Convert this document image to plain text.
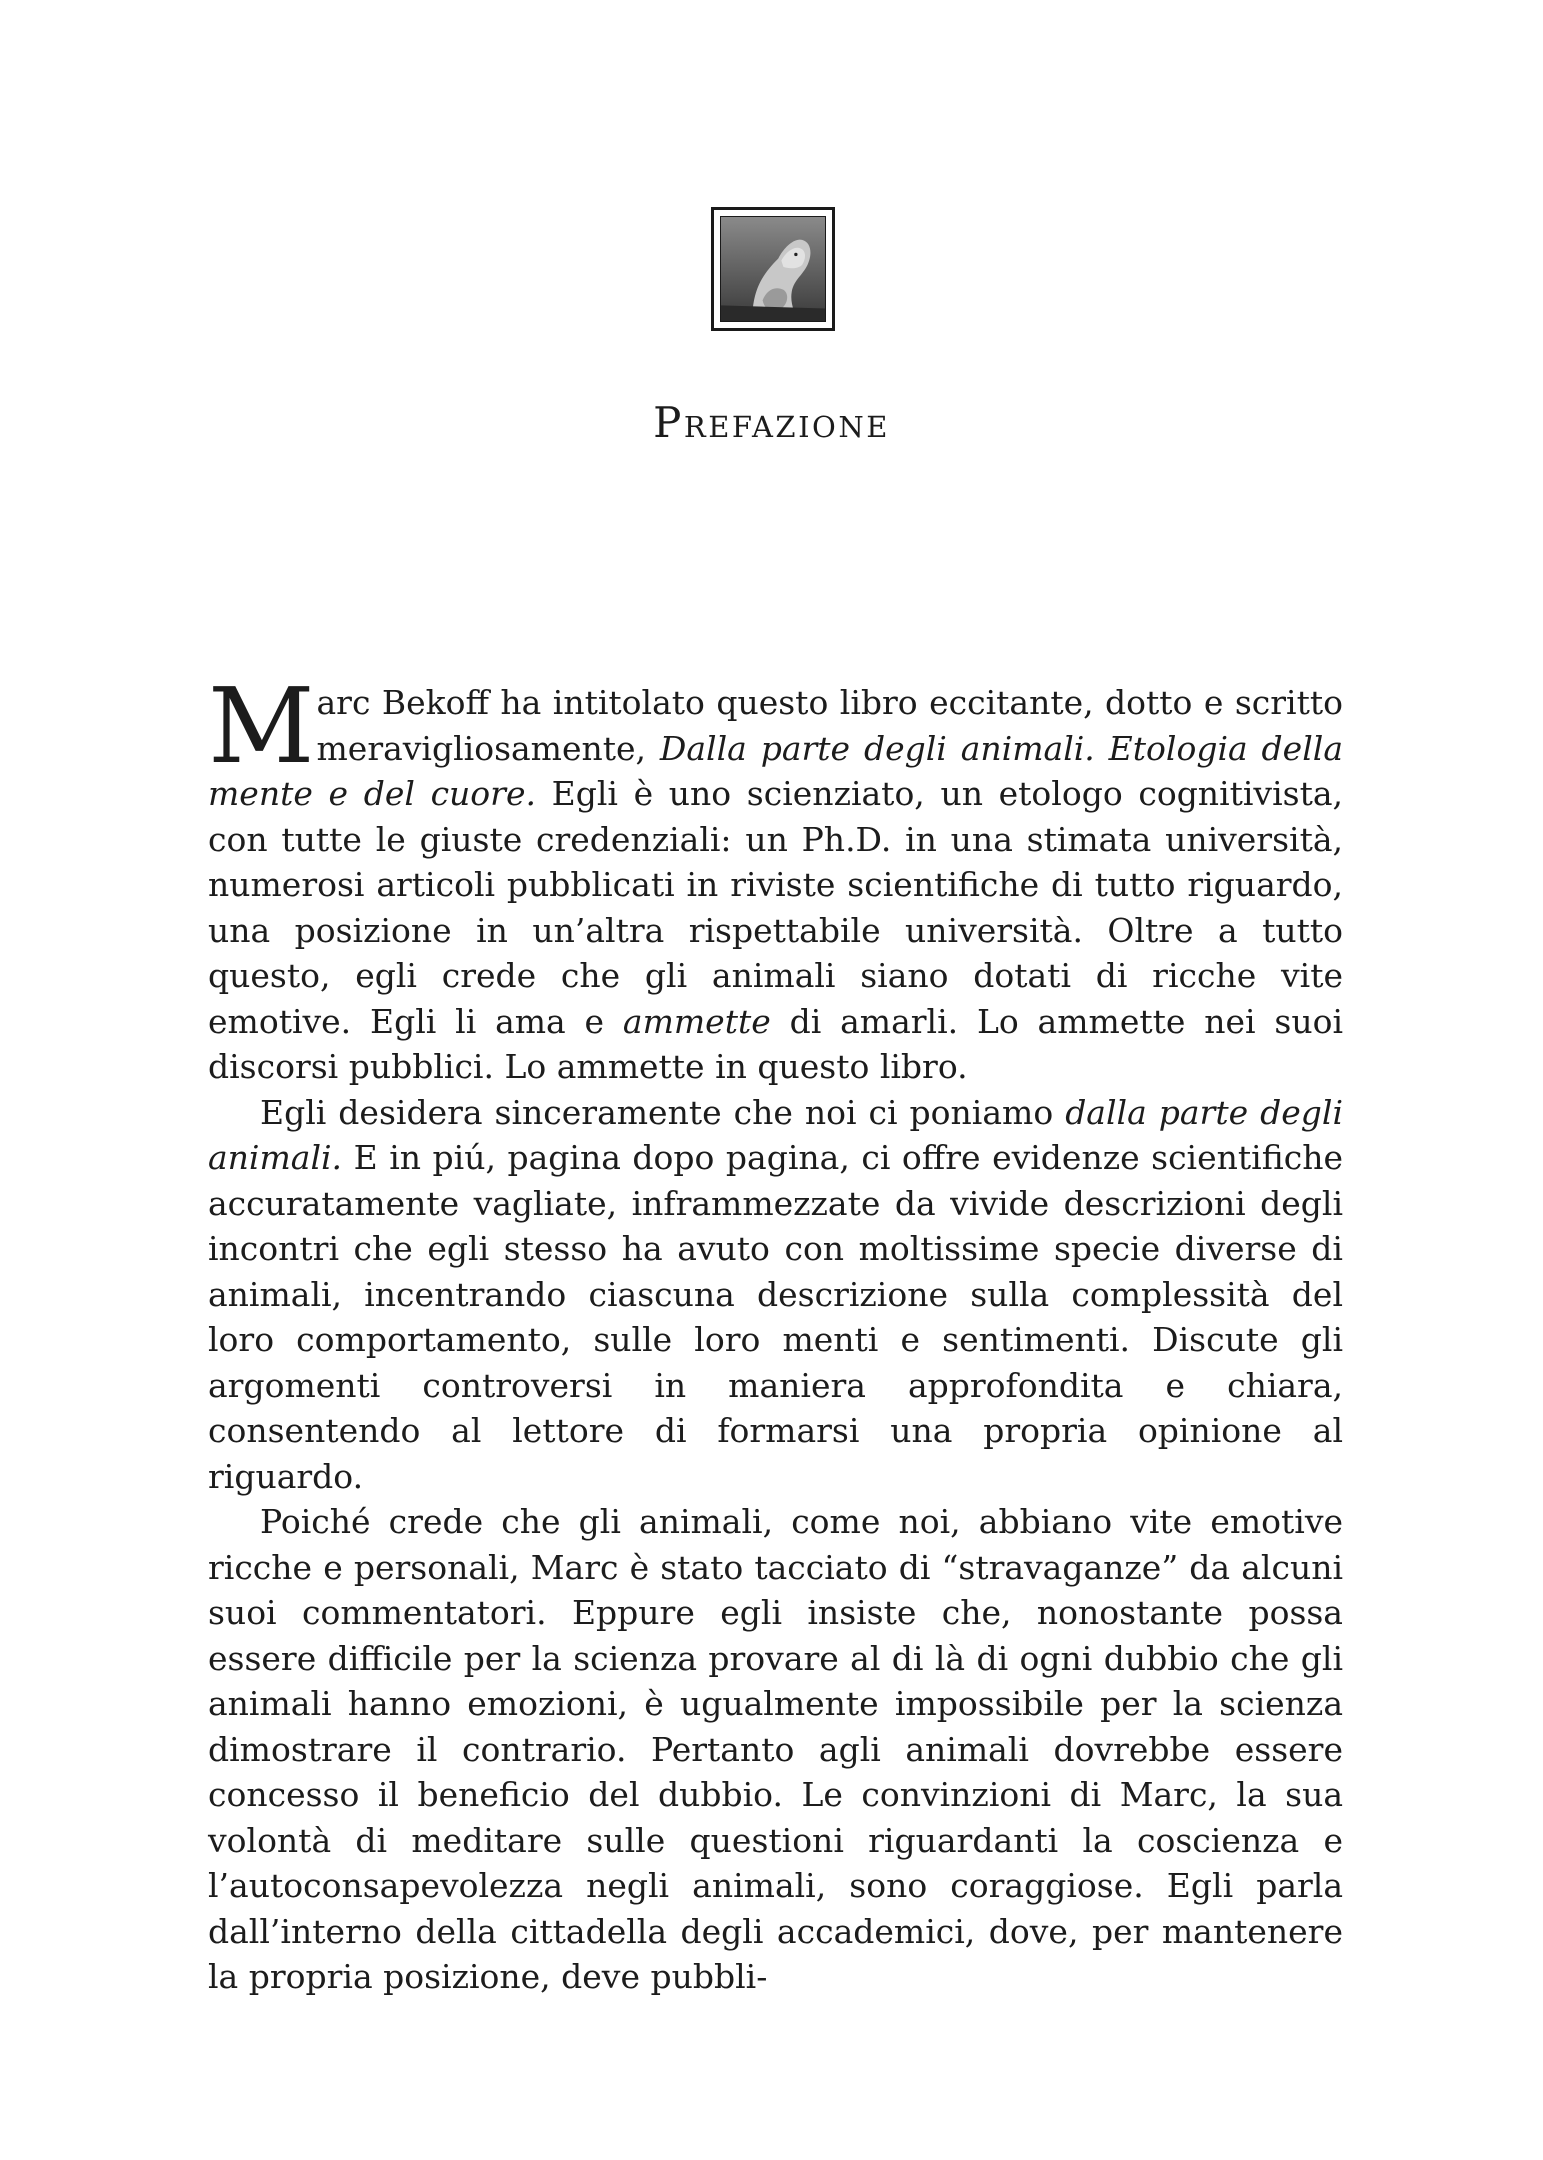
Prefazione

Marc Bekoff ha intitolato questo libro eccitante, dotto e scritto meravigliosamente, Dalla parte degli animali. Etologia della mente e del cuore. Egli è uno scienziato, un etologo cognitivista, con tutte le giuste credenziali: un Ph.D. in una stimata università, numerosi articoli pubblicati in riviste scientifiche di tutto riguardo, una posizione in un’altra rispettabile università. Oltre a tutto questo, egli crede che gli animali siano dotati di ricche vite emotive. Egli li ama e ammette di amarli. Lo ammette nei suoi discorsi pubblici. Lo ammette in questo libro.

Egli desidera sinceramente che noi ci poniamo dalla parte degli animali. E in piú, pagina dopo pagina, ci offre evidenze scientifiche accuratamente vagliate, inframmezzate da vivide descrizioni degli incontri che egli stesso ha avuto con moltissime specie diverse di animali, incentrando ciascuna descrizione sulla complessità del loro comportamento, sulle loro menti e sentimenti. Discute gli argomenti controversi in maniera approfondita e chiara, consentendo al lettore di formarsi una propria opinione al riguardo.

Poiché crede che gli animali, come noi, abbiano vite emotive ricche e personali, Marc è stato tacciato di “stravaganze” da alcuni suoi commentatori. Eppure egli insiste che, nonostante possa essere difficile per la scienza provare al di là di ogni dubbio che gli animali hanno emozioni, è ugualmente impossibile per la scienza dimostrare il contrario. Pertanto agli animali dovrebbe essere concesso il beneficio del dubbio. Le convinzioni di Marc, la sua volontà di meditare sulle questioni riguardanti la coscienza e l’autoconsapevolezza negli animali, sono coraggiose. Egli parla dall’interno della cittadella degli accademici, dove, per mantenere la propria posizione, deve pubbli-
